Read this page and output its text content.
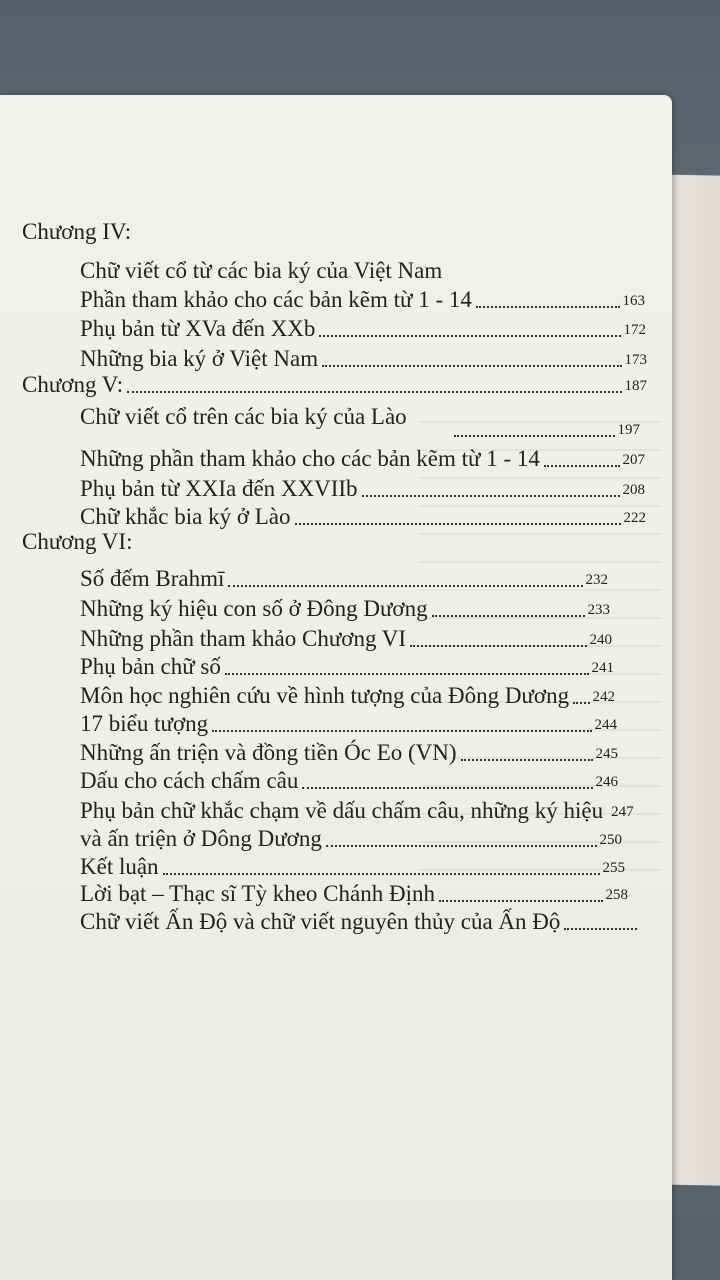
Chương IV:
Chữ viết cổ từ các bia ký của Việt Nam
Phần tham khảo cho các bản kẽm từ 1 - 14	163
Phụ bản từ XVa đến XXb	172
Những bia ký ở Việt Nam	173
Chương V:	187
Chữ viết cổ trên các bia ký của Lào
197
Những phần tham khảo cho các bản kẽm từ 1 - 14	207
Phụ bản từ XXIa đến XXVIIb	208
Chữ khắc bia ký ở Lào	222
Chương VI:
Số đếm Brahmī	232
Những ký hiệu con số ở Đông Dương	233
Những phần tham khảo Chương VI	240
Phụ bản chữ số	241
Môn học nghiên cứu về hình tượng của Đông Dương 242
17 biểu tượng	244
Những ấn triện và đồng tiền Óc Eo (VN)	245
Dấu cho cách chấm câu	246
Phụ bản chữ khắc chạm về dấu chấm câu, những ký hiệu 247
và ấn triện ở Dông Dương	250
Kết luận	255
Lời bạt – Thạc sĩ Tỳ kheo Chánh Định	258
Chữ viết Ấn Độ và chữ viết nguyên thủy của Ấn Độ
